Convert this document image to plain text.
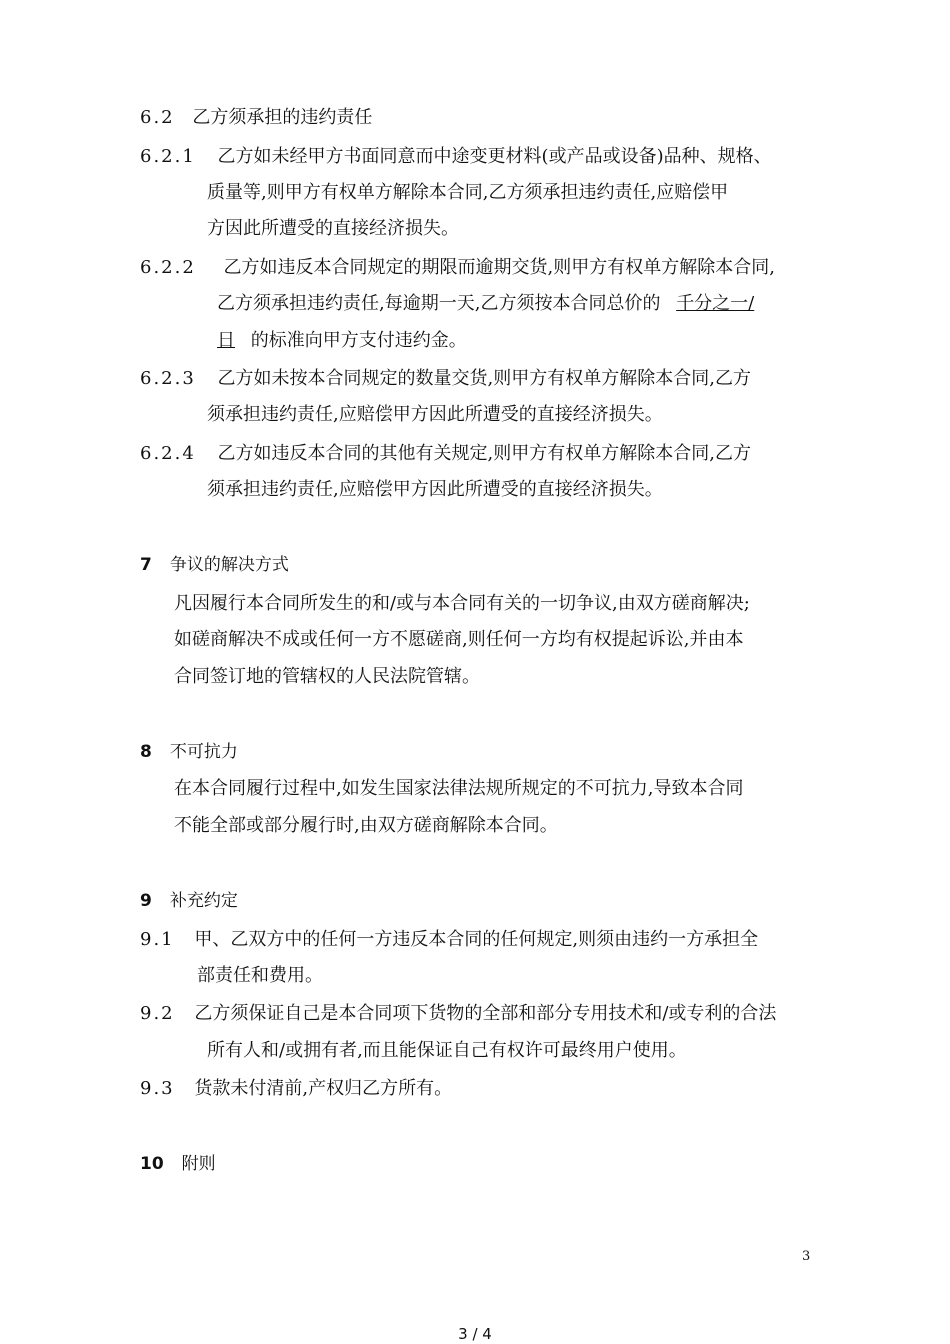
6.2 乙方须承担的违约责任
6.2.1 乙方如未经甲方书面同意而中途变更材料(或产品或设备)品种、规格、
质量等,则甲方有权单方解除本合同,乙方须承担违约责任,应赔偿甲
方因此所遭受的直接经济损失。
6.2.2 乙方如违反本合同规定的期限而逾期交货,则甲方有权单方解除本合同,
乙方须承担违约责任,每逾期一天,乙方须按本合同总价的 千分之一/
日 的标准向甲方支付违约金。
6.2.3 乙方如未按本合同规定的数量交货,则甲方有权单方解除本合同,乙方
须承担违约责任,应赔偿甲方因此所遭受的直接经济损失。
6.2.4 乙方如违反本合同的其他有关规定,则甲方有权单方解除本合同,乙方
须承担违约责任,应赔偿甲方因此所遭受的直接经济损失。
7 争议的解决方式
凡因履行本合同所发生的和/或与本合同有关的一切争议,由双方磋商解决;
如磋商解决不成或任何一方不愿磋商,则任何一方均有权提起诉讼,并由本
合同签订地的管辖权的人民法院管辖。
8 不可抗力
在本合同履行过程中,如发生国家法律法规所规定的不可抗力,导致本合同
不能全部或部分履行时,由双方磋商解除本合同。
9 补充约定
9.1 甲、乙双方中的任何一方违反本合同的任何规定,则须由违约一方承担全
部责任和费用。
9.2 乙方须保证自己是本合同项下货物的全部和部分专用技术和/或专利的合法
所有人和/或拥有者,而且能保证自己有权许可最终用户使用。
9.3 货款未付清前,产权归乙方所有。
10 附则
3
3 / 4
